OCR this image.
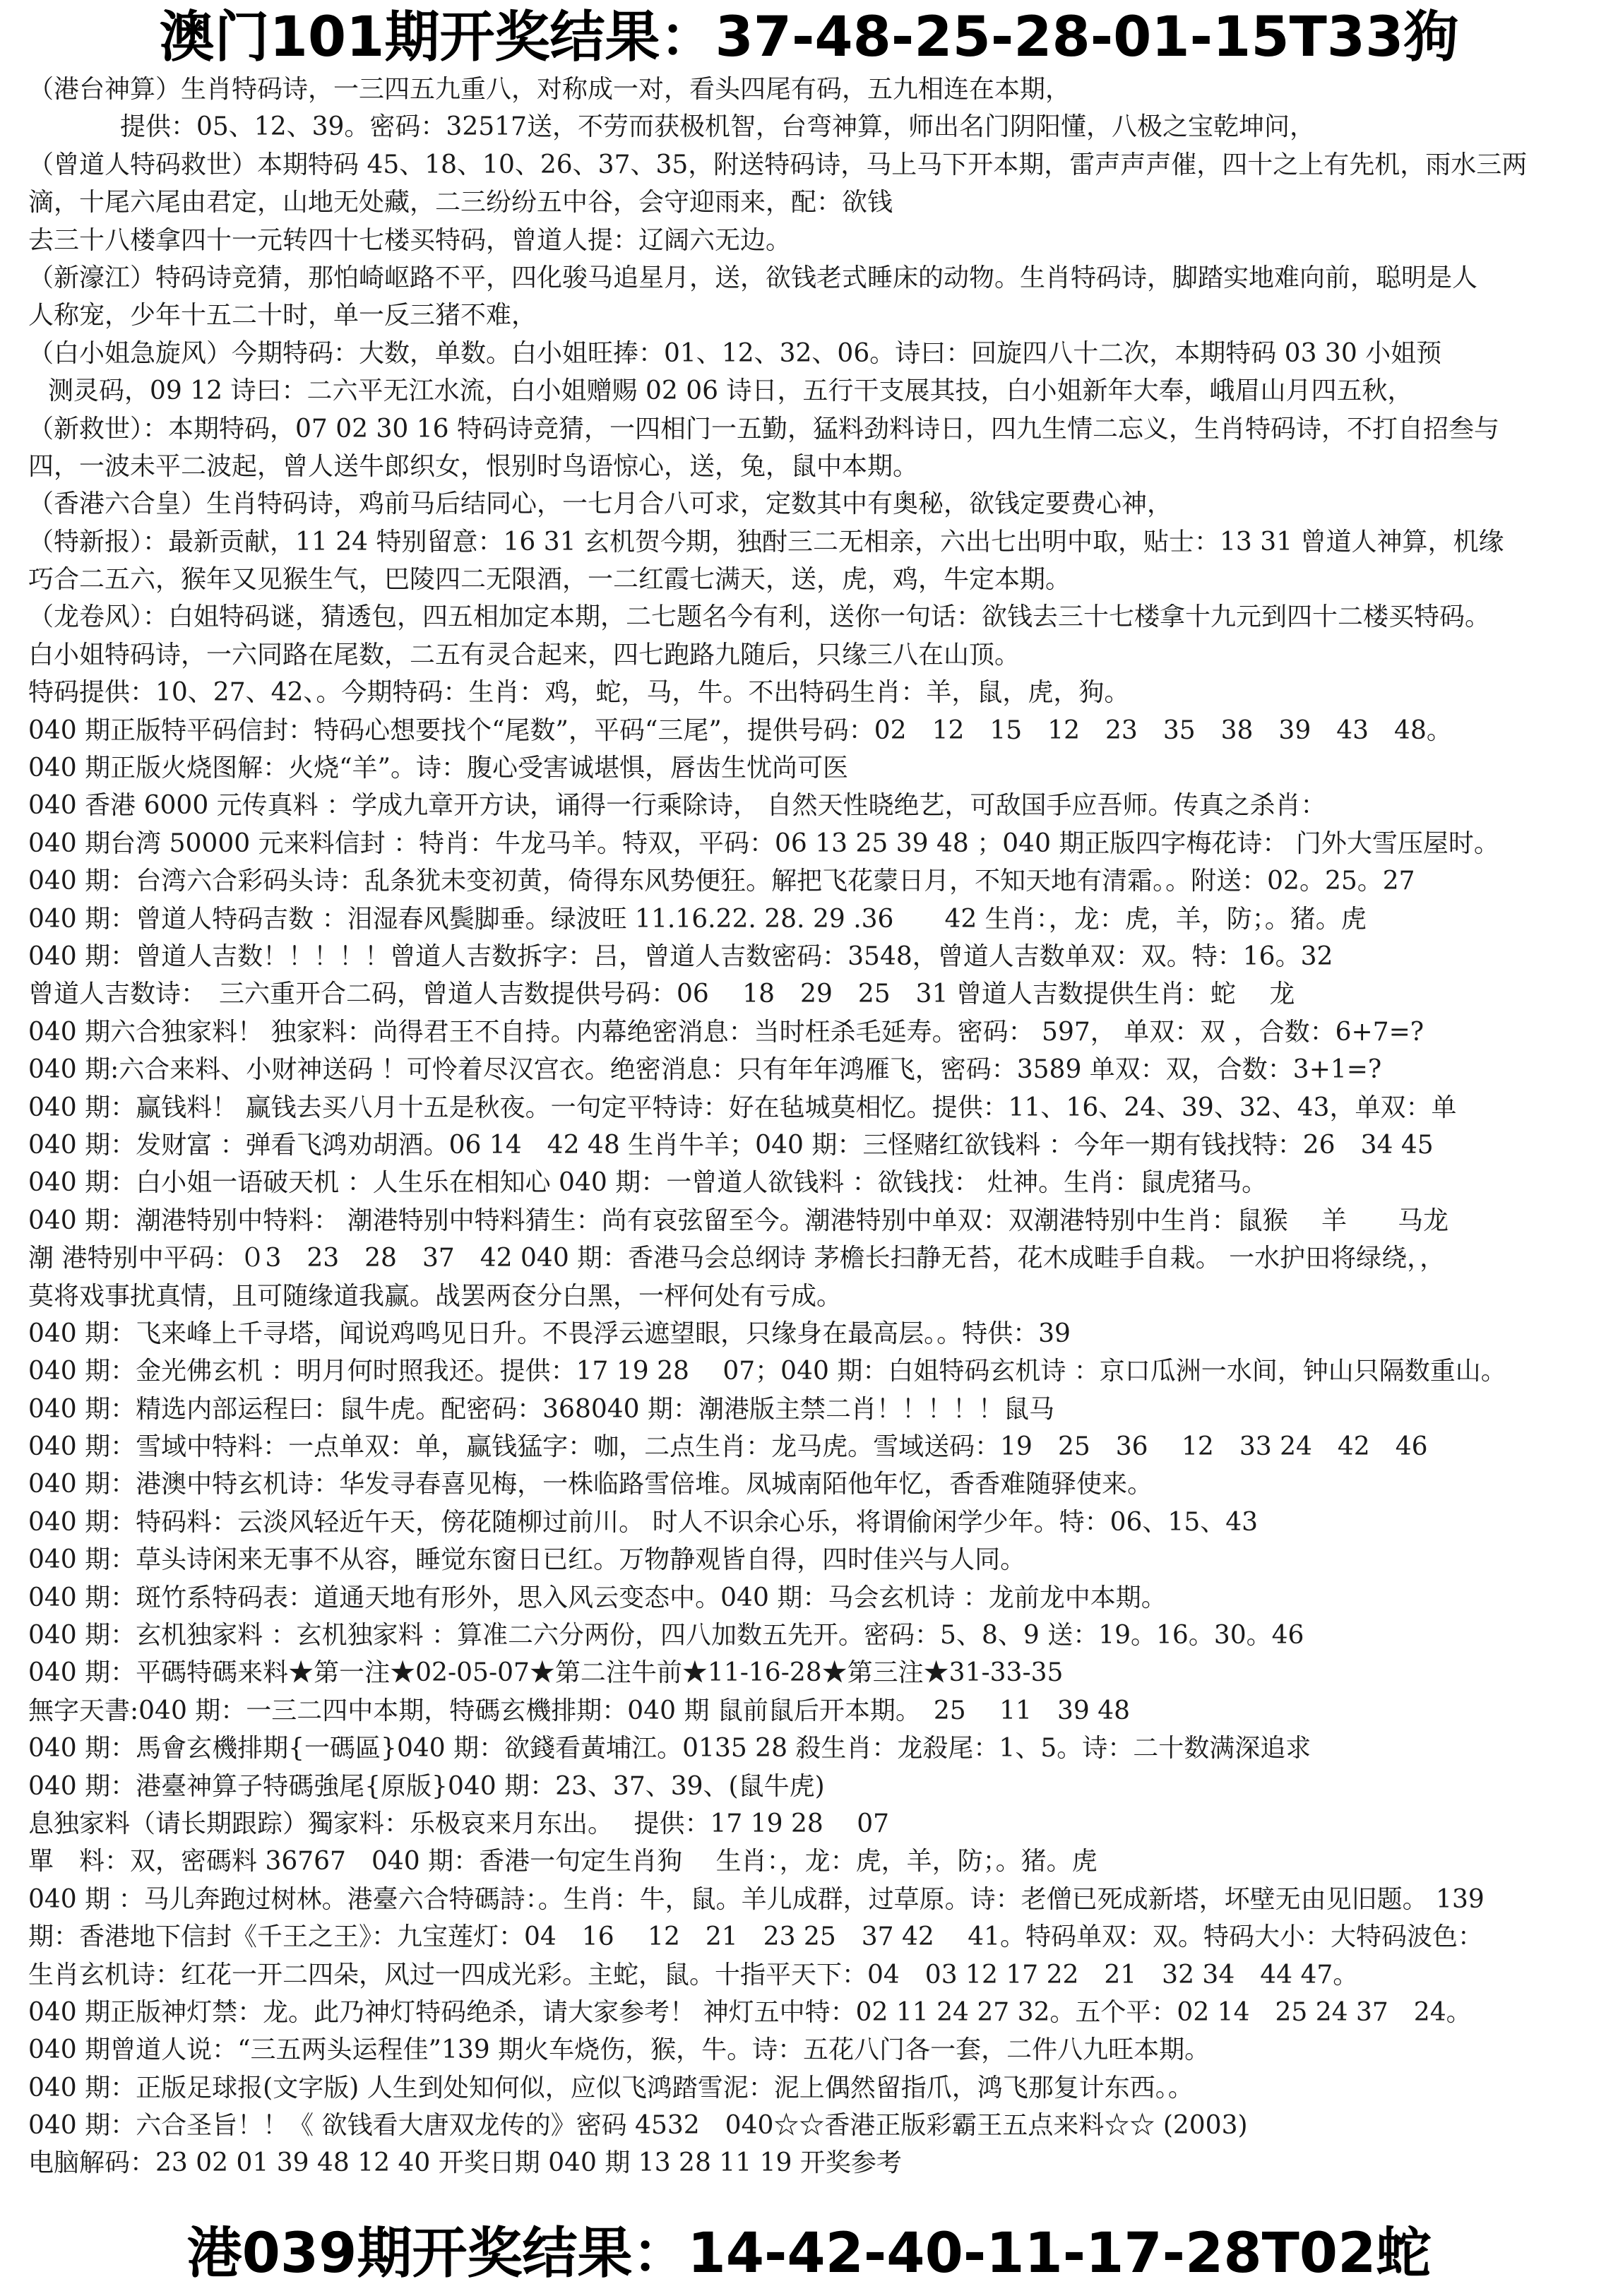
澳门101期开奖结果：37-48-25-28-01-15T33狗
（港台神算）生肖特码诗，一三四五九重八，对称成一对，看头四尾有码，五九相连在本期，
提供：05、12、39。密码：32517送，不劳而获极机智，台弯神算，师出名门阴阳懂，八极之宝乾坤问，
（曾道人特码救世）本期特码 45、18、10、26、37、35，附送特码诗，马上马下开本期，雷声声声催，四十之上有先机，雨水三两
滴，十尾六尾由君定，山地无处藏，二三纷纷五中谷，会守迎雨来，配：欲钱
去三十八楼拿四十一元转四十七楼买特码，曾道人提：辽阔六无边。
（新濠江）特码诗竞猜，那怕崎岖路不平，四化骏马追星月，送，欲钱老式睡床的动物。生肖特码诗，脚踏实地难向前，聪明是人
人称宠，少年十五二十时，单一反三猪不难，
（白小姐急旋风）今期特码：大数，单数。白小姐旺捧：01、12、32、06。诗曰：回旋四八十二次，本期特码 03 30 小姐预
测灵码，09 12 诗曰：二六平无江水流，白小姐赠赐 02 06 诗日，五行干支展其技，白小姐新年大奉，峨眉山月四五秋，
（新救世）：本期特码，07 02 30 16 特码诗竞猜，一四相门一五勤，猛料劲料诗日，四九生情二忘义，生肖特码诗，不打自招叁与
四，一波未平二波起，曾人送牛郎织女，恨别时鸟语惊心，送，兔，鼠中本期。
（香港六合皇）生肖特码诗，鸡前马后结同心，一七月合八可求，定数其中有奥秘，欲钱定要费心神，
（特新报）：最新贡献，11 24 特别留意：16 31 玄机贺今期，独酎三二无相亲，六出七出明中取，贴士：13 31 曾道人神算，机缘
巧合二五六，猴年又见猴生气，巴陵四二无限酒，一二红霞七满天，送，虎，鸡，牛定本期。
（龙卷风）：白姐特码谜，猜透包，四五相加定本期，二七题名今有利，送你一句话：欲钱去三十七楼拿十九元到四十二楼买特码。
白小姐特码诗，一六同路在尾数，二五有灵合起来，四七跑路九随后，只缘三八在山顶。
特码提供：10、27、42、。今期特码：生肖：鸡，蛇，马，牛。不出特码生肖：羊，鼠，虎，狗。
040 期正版特平码信封：特码心想要找个“尾数”，平码“三尾”，提供号码：02　12　15　12　23　35　38　39　43　48。
040 期正版火烧图解：火烧“羊”。诗：腹心受害诚堪惧，唇齿生忧尚可医
040 香港 6000 元传真料 ：学成九章开方诀，诵得一行乘除诗， 自然天性晓绝艺，可敌国手应吾师。传真之杀肖：
040 期台湾 50000 元来料信封 ：特肖：牛龙马羊。特双，平码：06 13 25 39 48 ；040 期正版四字梅花诗： 门外大雪压屋时。
040 期：台湾六合彩码头诗：乱条犹未变初黄，倚得东风势便狂。解把飞花蒙日月，不知天地有清霜。。附送：02。25。27
040 期：曾道人特码吉数 ：泪湿春风鬓脚垂。绿波旺 11.16.22. 28. 29 .36　　42 生肖：，龙：虎，羊，防；。猪。虎
040 期：曾道人吉数！！！！！曾道人吉数拆字：吕，曾道人吉数密码：3548，曾道人吉数单双：双。特：16。32
曾道人吉数诗：　三六重开合二码，曾道人吉数提供号码：06　 18　29　25　31 曾道人吉数提供生肖：蛇　 龙
040 期六合独家料！ 独家料：尚得君王不自持。内幕绝密消息：当时枉杀毛延寿。密码： 597， 单双：双 ，合数：6+7=?
040 期:六合来料、小财神送码 ！可怜着尽汉宫衣。绝密消息：只有年年鸿雁飞，密码：3589 单双：双，合数：3+1=?
040 期：赢钱料！ 赢钱去买八月十五是秋夜。一句定平特诗：好在毡城莫相忆。提供：11、16、24、39、32、43，单双：单
040 期：发财富 ：弹看飞鸿劝胡酒。06 14　42 48 生肖牛羊；040 期：三怪赌红欲钱料 ：今年一期有钱找特：26　34 45
040 期：白小姐一语破天机 ：人生乐在相知心 040 期：一曾道人欲钱料 ：欲钱找： 灶神。生肖：鼠虎猪马。
040 期：潮港特别中特料： 潮港特别中特料猜生：尚有哀弦留至今。潮港特别中单双：双潮港特别中生肖：鼠猴　 羊　　马龙
潮 港特别中平码：０3　23　28　37　42 040 期：香港马会总纲诗 茅檐长扫静无苔，花木成畦手自栽。 一水护田将绿绕，，
莫将戏事扰真情，且可随缘道我赢。战罢两奁分白黑，一枰何处有亏成。
040 期：飞来峰上千寻塔，闻说鸡鸣见日升。不畏浮云遮望眼，只缘身在最高层。。特供：39
040 期：金光佛玄机 ：明月何时照我还。提供：17 19 28　 07；040 期：白姐特码玄机诗 ：京口瓜洲一水间，钟山只隔数重山。
040 期：精选内部运程曰：鼠牛虎。配密码：368040 期：潮港版主禁二肖！！！！！鼠马
040 期：雪域中特料：一点单双：单，赢钱猛字：咖，二点生肖：龙马虎。雪域送码：19　25　36　 12　33 24　42　46
040 期：港澳中特玄机诗：华发寻春喜见梅，一株临路雪倍堆。凤城南陌他年忆，香香难随驿使来。
040 期：特码料：云淡风轻近午天，傍花随柳过前川。 时人不识余心乐，将谓偷闲学少年。特：06、15、43
040 期：草头诗闲来无事不从容，睡觉东窗日已红。万物静观皆自得，四时佳兴与人同。
040 期：斑竹系特码表：道通天地有形外，思入风云变态中。040 期：马会玄机诗 ：龙前龙中本期。
040 期：玄机独家料 ：玄机独家料 ：算准二六分两份，四八加数五先开。密码：5、8、9 送：19。16。30。46
040 期：平碼特碼来料★第一注★02-05-07★第二注牛前★11-16-28★第三注★31-33-35
無字天書:040 期：一三二四中本期，特碼玄機排期：040 期 鼠前鼠后开本期。　25　 11　39 48
040 期：馬會玄機排期{一碼區}040 期：欲錢看黃埔江。0135 28 殺生肖：龙殺尾：1、5。诗：二十数满深追求
040 期：港臺神算子特碼強尾{原版}040 期：23、37、39、(鼠牛虎)
息独家料（请长期跟踪）獨家料：乐极哀来月东出。　 提供：17 19 28　 07
單　料：双，密碼料 36767　040 期：香港一句定生肖狗　 生肖：，龙：虎，羊，防；。猪。虎
040 期 ：马儿奔跑过树林。港臺六合特碼詩：。生肖：牛，鼠。羊儿成群，过草原。诗：老僧已死成新塔，坏壁无由见旧题。 139
期：香港地下信封《千王之王》：九宝莲灯：04　16　 12　21　23 25　37 42　 41。特码单双：双。特码大小：大特码波色：
生肖玄机诗：红花一开二四朵，风过一四成光彩。主蛇，鼠。十指平天下：04　03 12 17 22　21　32 34　44 47。
040 期正版神灯禁：龙。此乃神灯特码绝杀，请大家参考！ 神灯五中特：02 11 24 27 32。五个平：02 14　25 24 37　24。
040 期曾道人说：“三五两头运程佳”139 期火车烧伤，猴，牛。诗：五花八门各一套，二件八九旺本期。
040 期：正版足球报(文字版) 人生到处知何似，应似飞鸿踏雪泥：泥上偶然留指爪，鸿飞那复计东西。。
040 期：六合圣旨！！《 欲钱看大唐双龙传的》密码 4532　040☆☆香港正版彩霸王五点来料☆☆ (2003)
电脑解码：23 02 01 39 48 12 40 开奖日期 040 期 13 28 11 19 开奖参考
港039期开奖结果：14-42-40-11-17-28T02蛇
